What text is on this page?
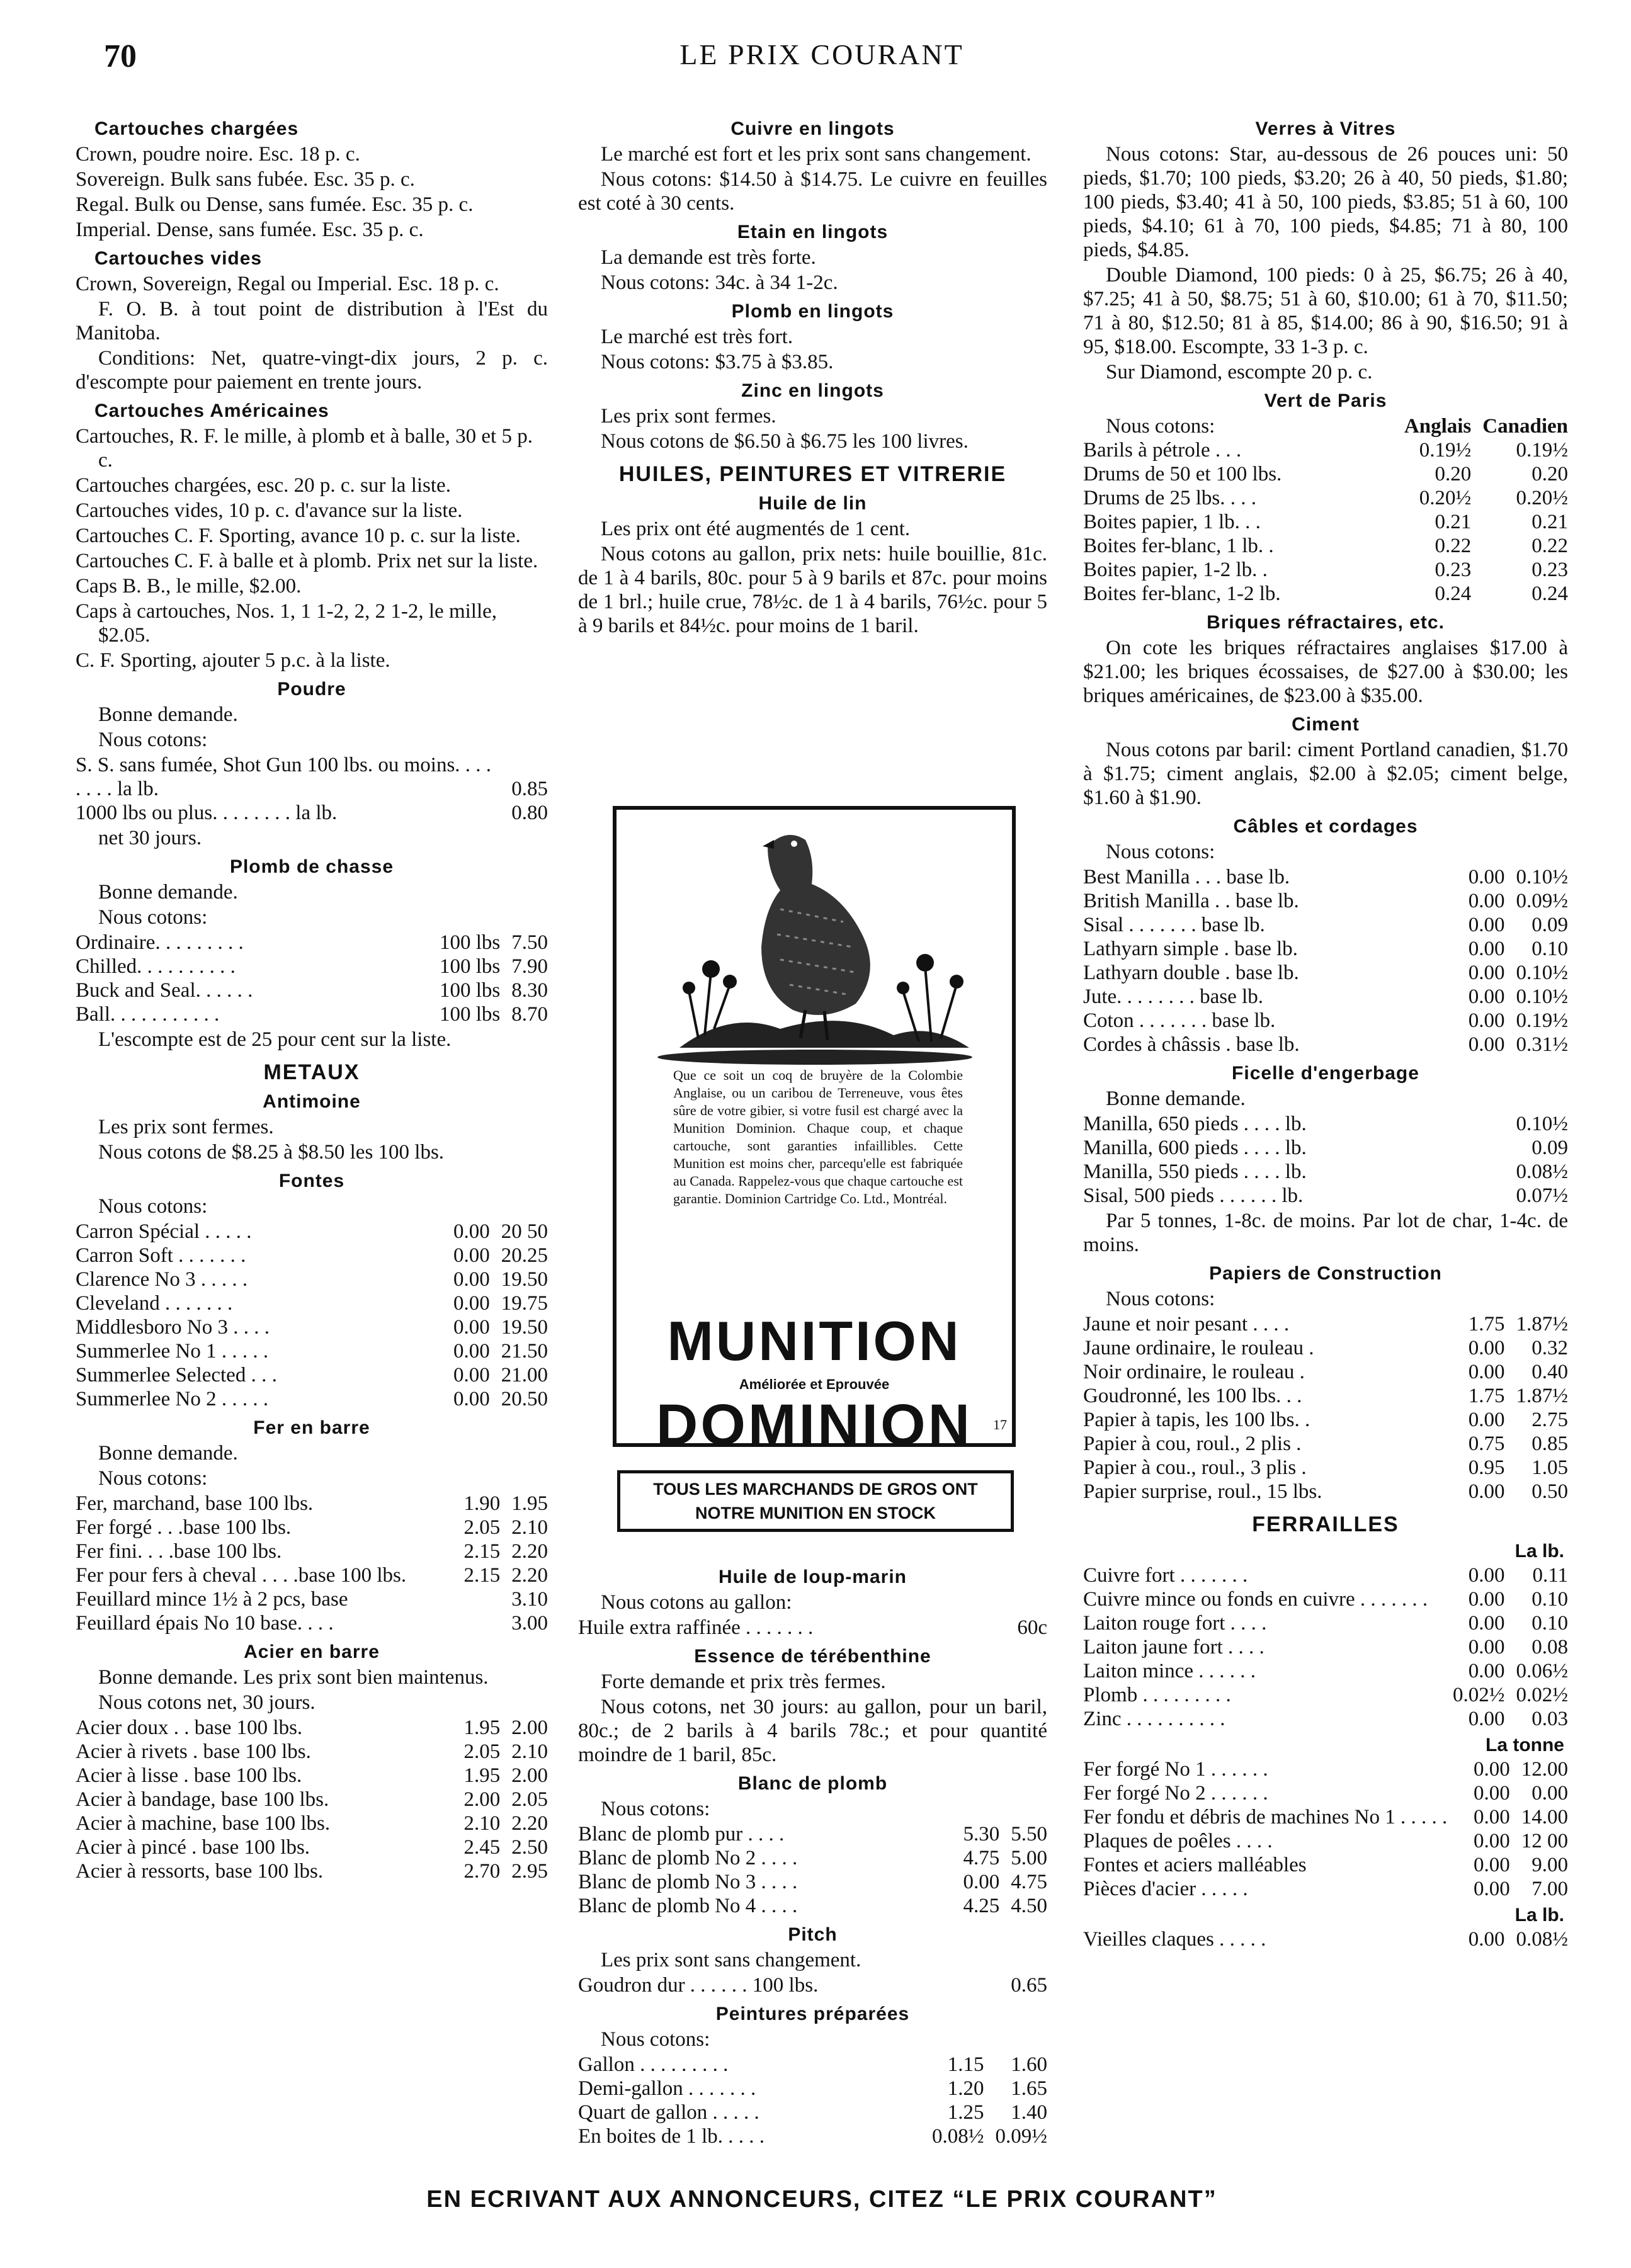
70	LE PRIX COURANT
Cartouches chargées
Crown, poudre noire. Esc. 18 p. c.
Sovereign. Bulk sans fubée. Esc. 35 p. c.
Regal. Bulk ou Dense, sans fumée. Esc. 35 p. c.
Imperial. Dense, sans fumée. Esc. 35 p. c.
Cartouches vides
Crown, Sovereign, Regal ou Imperial. Esc. 18 p. c.
F. O. B. à tout point de distribution à l'Est du Manitoba.
Conditions: Net, quatre-vingt-dix jours, 2 p. c. d'escompte pour paiement en trente jours.
Cartouches Américaines
Cartouches, R. F. le mille, à plomb et à balle, 30 et 5 p. c.
Cartouches chargées, esc. 20 p. c. sur la liste.
Cartouches vides, 10 p. c. d'avance sur la liste.
Cartouches C. F. Sporting, avance 10 p. c. sur la liste.
Cartouches C. F. à balle et à plomb. Prix net sur la liste.
Caps B. B., le mille, $2.00.
Caps à cartouches, Nos. 1, 1 1-2, 2, 2 1-2, le mille, $2.05.
C. F. Sporting, ajouter 5 p.c. à la liste.
Poudre
Bonne demande.
Nous cotons:
S. S. sans fumée, Shot Gun 100 lbs. ou moins. . . . . . . . la lb.	0.85
1000 lbs ou plus. . . . . . . . la lb.	0.80
net 30 jours.
Plomb de chasse
Bonne demande.
Nous cotons:
Ordinaire. . . . . . . . .	100 lbs	7.50
Chilled. . . . . . . . . .	100 lbs	7.90
Buck and Seal. . . . . .	100 lbs	8.30
Ball. . . . . . . . . . .	100 lbs	8.70
L'escompte est de 25 pour cent sur la liste.
METAUX
Antimoine
Les prix sont fermes.
Nous cotons de $8.25 à $8.50 les 100 lbs.
Fontes
Nous cotons:
Carron Spécial . . . . .	0.00	20 50
Carron Soft . . . . . . .	0.00	20.25
Clarence No 3 . . . . .	0.00	19.50
Cleveland . . . . . . .	0.00	19.75
Middlesboro No 3 . . . .	0.00	19.50
Summerlee No 1 . . . . .	0.00	21.50
Summerlee Selected . . .	0.00	21.00
Summerlee No 2 . . . . .	0.00	20.50
Fer en barre
Bonne demande.
Nous cotons:
Fer, marchand, base 100 lbs.	1.90	1.95
Fer forgé . . .base 100 lbs.	2.05	2.10
Fer fini. . . .base 100 lbs.	2.15	2.20
Fer pour fers à cheval . . . .base 100 lbs.	2.15	2.20
Feuillard mince 1½ à 2 pcs, base		3.10
Feuillard épais No 10 base. . . .		3.00
Acier en barre
Bonne demande. Les prix sont bien maintenus.
Nous cotons net, 30 jours.
Acier doux . . base 100 lbs.	1.95	2.00
Acier à rivets . base 100 lbs.	2.05	2.10
Acier à lisse . base 100 lbs.	1.95	2.00
Acier à bandage, base 100 lbs.	2.00	2.05
Acier à machine, base 100 lbs.	2.10	2.20
Acier à pincé . base 100 lbs.	2.45	2.50
Acier à ressorts, base 100 lbs.	2.70	2.95
Cuivre en lingots
Le marché est fort et les prix sont sans changement.
Nous cotons: $14.50 à $14.75. Le cuivre en feuilles est coté à 30 cents.
Etain en lingots
La demande est très forte.
Nous cotons: 34c. à 34 1-2c.
Plomb en lingots
Le marché est très fort.
Nous cotons: $3.75 à $3.85.
Zinc en lingots
Les prix sont fermes.
Nous cotons de $6.50 à $6.75 les 100 livres.
HUILES, PEINTURES ET VITRERIE
Huile de lin
Les prix ont été augmentés de 1 cent.
Nous cotons au gallon, prix nets: huile bouillie, 81c. de 1 à 4 barils, 80c. pour 5 à 9 barils et 87c. pour moins de 1 brl.; huile crue, 78½c. de 1 à 4 barils, 76½c. pour 5 à 9 barils et 84½c. pour moins de 1 baril.
Que ce soit un coq de bruyère de la Colombie Anglaise, ou un caribou de Terreneuve, vous êtes sûre de votre gibier, si votre fusil est chargé avec la Munition Dominion. Chaque coup, et chaque cartouche, sont garanties infaillibles. Cette Munition est moins cher, parcequ'elle est fabriquée au Canada. Rappelez-vous que chaque cartouche est garantie. Dominion Cartridge Co. Ltd., Montréal.
MUNITION
Améliorée et Eprouvée
DOMINION	17
TOUS LES MARCHANDS DE GROS ONT NOTRE MUNITION EN STOCK
Huile de loup-marin
Nous cotons au gallon:
Huile extra raffinée . . . . . . .	60c
Essence de térébenthine
Forte demande et prix très fermes.
Nous cotons, net 30 jours: au gallon, pour un baril, 80c.; de 2 barils à 4 barils 78c.; et pour quantité moindre de 1 baril, 85c.
Blanc de plomb
Nous cotons:
Blanc de plomb pur . . . .	5.30	5.50
Blanc de plomb No 2 . . . .	4.75	5.00
Blanc de plomb No 3 . . . .	0.00	4.75
Blanc de plomb No 4 . . . .	4.25	4.50
Pitch
Les prix sont sans changement.
Goudron dur . . . . . . 100 lbs.	0.65
Peintures préparées
Nous cotons:
Gallon . . . . . . . . .	1.15	1.60
Demi-gallon . . . . . . .	1.20	1.65
Quart de gallon . . . . .	1.25	1.40
En boites de 1 lb. . . . .	0.08½	0.09½
Verres à Vitres
Nous cotons: Star, au-dessous de 26 pouces uni: 50 pieds, $1.70; 100 pieds, $3.20; 26 à 40, 50 pieds, $1.80; 100 pieds, $3.40; 41 à 50, 100 pieds, $3.85; 51 à 60, 100 pieds, $4.10; 61 à 70, 100 pieds, $4.85; 71 à 80, 100 pieds, $4.85.
Double Diamond, 100 pieds: 0 à 25, $6.75; 26 à 40, $7.25; 41 à 50, $8.75; 51 à 60, $10.00; 61 à 70, $11.50; 71 à 80, $12.50; 81 à 85, $14.00; 86 à 90, $16.50; 91 à 95, $18.00. Escompte, 33 1-3 p. c.
Sur Diamond, escompte 20 p. c.
Vert de Paris
Nous cotons:	Anglais	Canadien
Barils à pétrole . . .	0.19½	0.19½
Drums de 50 et 100 lbs.	0.20	0.20
Drums de 25 lbs. . . .	0.20½	0.20½
Boites papier, 1 lb. . .	0.21	0.21
Boites fer-blanc, 1 lb. .	0.22	0.22
Boites papier, 1-2 lb. .	0.23	0.23
Boites fer-blanc, 1-2 lb.	0.24	0.24
Briques réfractaires, etc.
On cote les briques réfractaires anglaises $17.00 à $21.00; les briques écossaises, de $27.00 à $30.00; les briques américaines, de $23.00 à $35.00.
Ciment
Nous cotons par baril: ciment Portland canadien, $1.70 à $1.75; ciment anglais, $2.00 à $2.05; ciment belge, $1.60 à $1.90.
Câbles et cordages
Nous cotons:
Best Manilla . . . base lb.	0.00	0.10½
British Manilla . . base lb.	0.00	0.09½
Sisal . . . . . . . base lb.	0.00	0.09
Lathyarn simple . base lb.	0.00	0.10
Lathyarn double . base lb.	0.00	0.10½
Jute. . . . . . . . base lb.	0.00	0.10½
Coton . . . . . . . base lb.	0.00	0.19½
Cordes à châssis . base lb.	0.00	0.31½
Ficelle d'engerbage
Bonne demande.
Manilla, 650 pieds . . . . lb.	0.10½
Manilla, 600 pieds . . . . lb.	0.09
Manilla, 550 pieds . . . . lb.	0.08½
Sisal, 500 pieds . . . . . . lb.	0.07½
Par 5 tonnes, 1-8c. de moins. Par lot de char, 1-4c. de moins.
Papiers de Construction
Nous cotons:
Jaune et noir pesant . . . .	1.75	1.87½
Jaune ordinaire, le rouleau .	0.00	0.32
Noir ordinaire, le rouleau .	0.00	0.40
Goudronné, les 100 lbs. . .	1.75	1.87½
Papier à tapis, les 100 lbs. .	0.00	2.75
Papier à cou, roul., 2 plis .	0.75	0.85
Papier à cou., roul., 3 plis .	0.95	1.05
Papier surprise, roul., 15 lbs.	0.00	0.50
FERRAILLES
La lb.
Cuivre fort . . . . . . .	0.00	0.11
Cuivre mince ou fonds en cuivre . . . . . . .	0.00	0.10
Laiton rouge fort . . . .	0.00	0.10
Laiton jaune fort . . . .	0.00	0.08
Laiton mince . . . . . .	0.00	0.06½
Plomb . . . . . . . . .	0.02½	0.02½
Zinc . . . . . . . . . .	0.00	0.03
La tonne
Fer forgé No 1 . . . . . .	0.00	12.00
Fer forgé No 2 . . . . . .	0.00	0.00
Fer fondu et débris de machines No 1 . . . . .	0.00	14.00
Plaques de poêles . . . .	0.00	12 00
Fontes et aciers malléables	0.00	9.00
Pièces d'acier . . . . .	0.00	7.00
La lb.
Vieilles claques . . . . .	0.00	0.08½
EN ECRIVANT AUX ANNONCEURS, CITEZ “LE PRIX COURANT”
